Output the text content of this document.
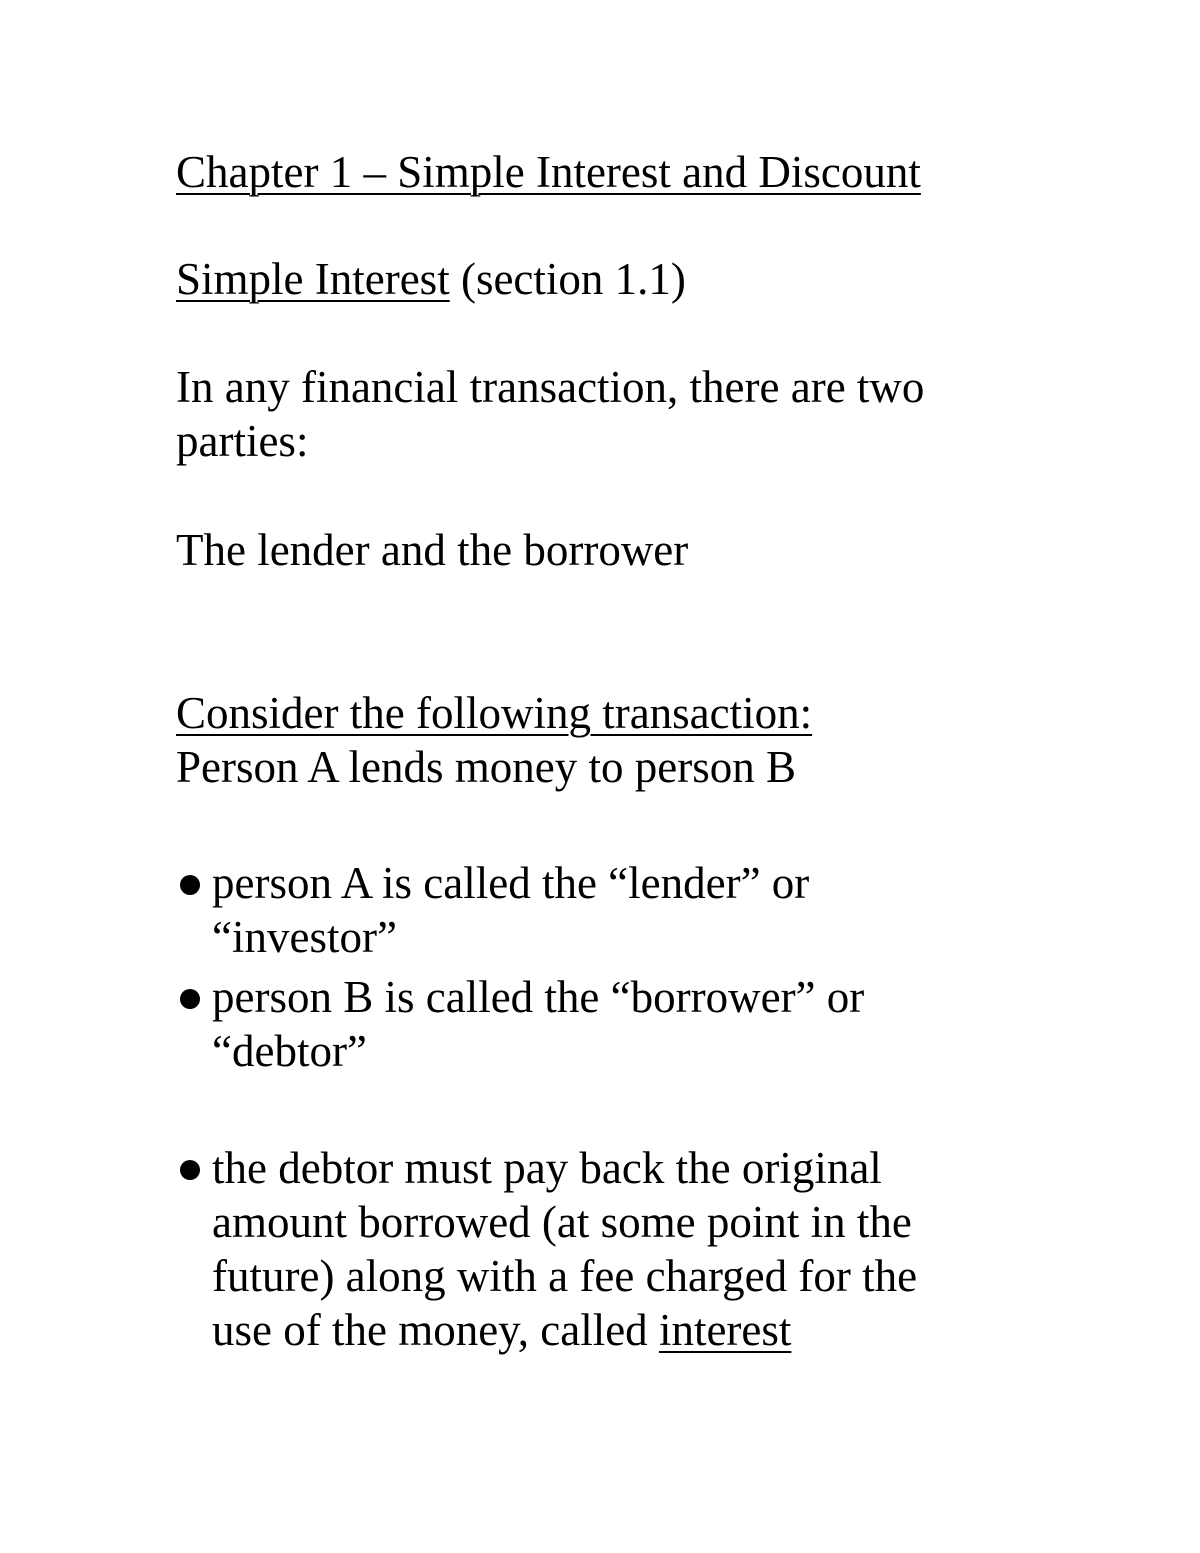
Chapter 1 – Simple Interest and Discount
Simple Interest (section 1.1)

In any financial transaction, there are two

parties:

The lender and the borrower

Consider the following transaction:

Person A lends money to person B

person A is called the “lender” or
“investor”
person B is called the “borrower” or
“debtor”
the debtor must pay back the original
amount borrowed (at some point in the
future) along with a fee charged for the
use of the money, called interest
